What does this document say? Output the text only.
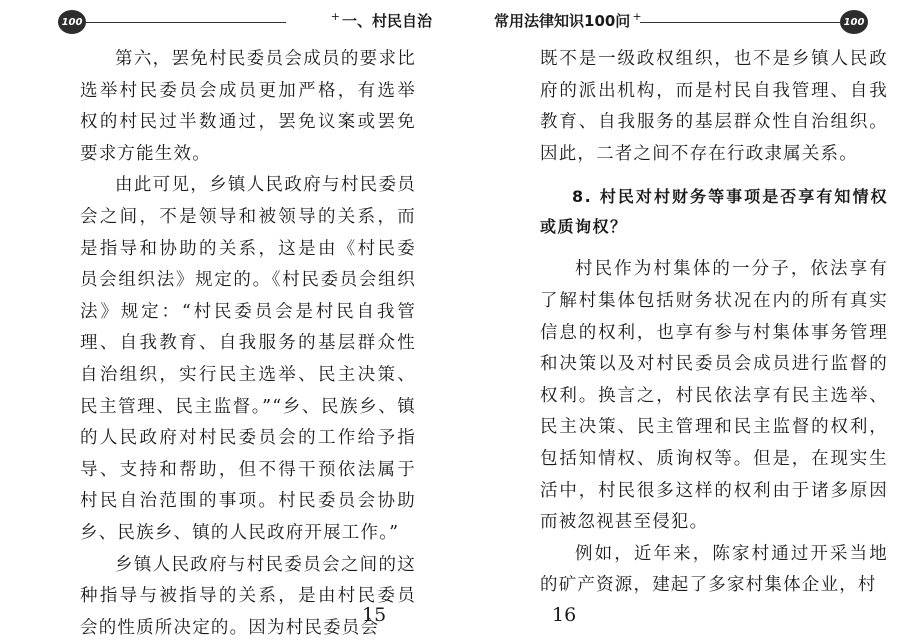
100	+ 一、村民自治

第六，罢免村民委员会成员的要求比选举村民委员会成员更加严格，有选举权的村民过半数通过，罢免议案或罢免要求方能生效。

由此可见，乡镇人民政府与村民委员会之间，不是领导和被领导的关系，而是指导和协助的关系，这是由《村民委员会组织法》规定的。《村民委员会组织法》规定：“村民委员会是村民自我管理、自我教育、自我服务的基层群众性自治组织，实行民主选举、民主决策、民主管理、民主监督。”“乡、民族乡、镇的人民政府对村民委员会的工作给予指导、支持和帮助，但不得干预依法属于村民自治范围的事项。村民委员会协助乡、民族乡、镇的人民政府开展工作。”

乡镇人民政府与村民委员会之间的这种指导与被指导的关系，是由村民委员会的性质所决定的。因为村民委员会

15
常用法律知识100问 +	100

既不是一级政权组织，也不是乡镇人民政府的派出机构，而是村民自我管理、自我教育、自我服务的基层群众性自治组织。因此，二者之间不存在行政隶属关系。

8. 村民对村财务等事项是否享有知情权或质询权？

村民作为村集体的一分子，依法享有了解村集体包括财务状况在内的所有真实信息的权利，也享有参与村集体事务管理和决策以及对村民委员会成员进行监督的权利。换言之，村民依法享有民主选举、民主决策、民主管理和民主监督的权利，包括知情权、质询权等。但是，在现实生活中，村民很多这样的权利由于诸多原因而被忽视甚至侵犯。

例如，近年来，陈家村通过开采当地的矿产资源，建起了多家村集体企业，村

16
